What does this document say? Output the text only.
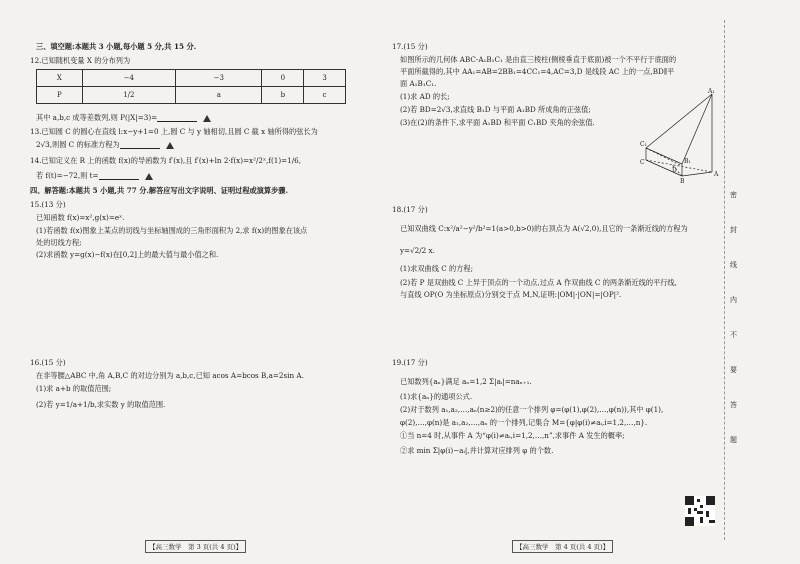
三、填空题:本题共 3 小题,每小题 5 分,共 15 分.
12.已知随机变量 X 的分布列为
X	−4	−3	0	3
P	1/2	a	b	c
其中 a,b,c 成等差数列,则 P(|X|=3)=
13.已知圆 C 的圆心在直线 l:x−y+1=0 上,圆 C 与 y 轴相切,且圆 C 截 x 轴所得的弦长为
2√3,则圆 C 的标准方程为
14.已知定义在 R 上的函数 f(x)的导函数为 f′(x),且 f′(x)+ln 2·f(x)=x²/2ˣ,f(1)=1/6,
若 f(t)=−72,则 t=
四、解答题:本题共 5 小题,共 77 分.解答应写出文字说明、证明过程或演算步骤.
15.(13 分)
已知函数 f(x)=x²,g(x)=eˣ.
(1)若函数 f(x)图象上某点的切线与坐标轴围成的三角形面积为 2,求 f(x)的图象在该点
处的切线方程;
(2)求函数 y=g(x)−f(x)在[0,2]上的最大值与最小值之和.
16.(15 分)
在非等腰△ABC 中,角 A,B,C 的对边分别为 a,b,c,已知 acos A=bcos B,a=2sin A.
(1)求 a+b 的取值范围;
(2)若 y=1/a+1/b,求实数 y 的取值范围.
【高三数学　第 3 页(共 4 页)】
17.(15 分)
如图所示的几何体 ABC-A₁B₁C₁ 是由直三棱柱(侧棱垂直于底面)被一个不平行于底面的
平面所截得的,其中 AA₁=AB=2BB₁=4CC₁=4,AC=3,D 是线段 AC 上的一点,BD∥平
面 A₁B₁C₁.
(1)求 AD 的长;
(2)若 BD=2√3,求直线 B₁D 与平面 A₁BD 所成角的正弦值;
(3)在(2)的条件下,求平面 A₁BD 和平面 C₁BD 夹角的余弦值.
A₁
C₁
B₁
C
D
A
B
18.(17 分)
已知双曲线 C:x²/a²−y²/b²=1(a>0,b>0)的右顶点为 A(√2,0),且它的一条渐近线的方程为
y=√2/2 x.
(1)求双曲线 C 的方程;
(2)若 P 是双曲线 C 上异于顶点的一个动点,过点 A 作双曲线 C 的两条渐近线的平行线,
与直线 OP(O 为坐标原点)分别交于点 M,N,证明:|OM|·|ON|=|OP|².
19.(17 分)
已知数列{aₙ}满足 aₙ=1,2 Σ|aᵢ|=naₙ₊₁.
(1)求{aₙ}的通项公式.
(2)对于数列 a₁,a₂,…,aₙ(n≥2)的任意一个排列 φ=(φ(1),φ(2),…,φ(n)),其中 φ(1),
φ(2),…,φ(n)是 a₁,a₂,…,aₙ 的一个排列,记集合 M={φ|φ(i)≠aᵢ,i=1,2,…,n}.
①当 n=4 时,从事件 A 为“φ(i)≠aᵢ,i=1,2,…,n”,求事件 A 发生的概率;
②求 min Σ|φ(i)−aᵢ|,并计算对应排列 φ 的个数.
【高三数学　第 4 页(共 4 页)】
密
封
线
内
不
要
答
题
